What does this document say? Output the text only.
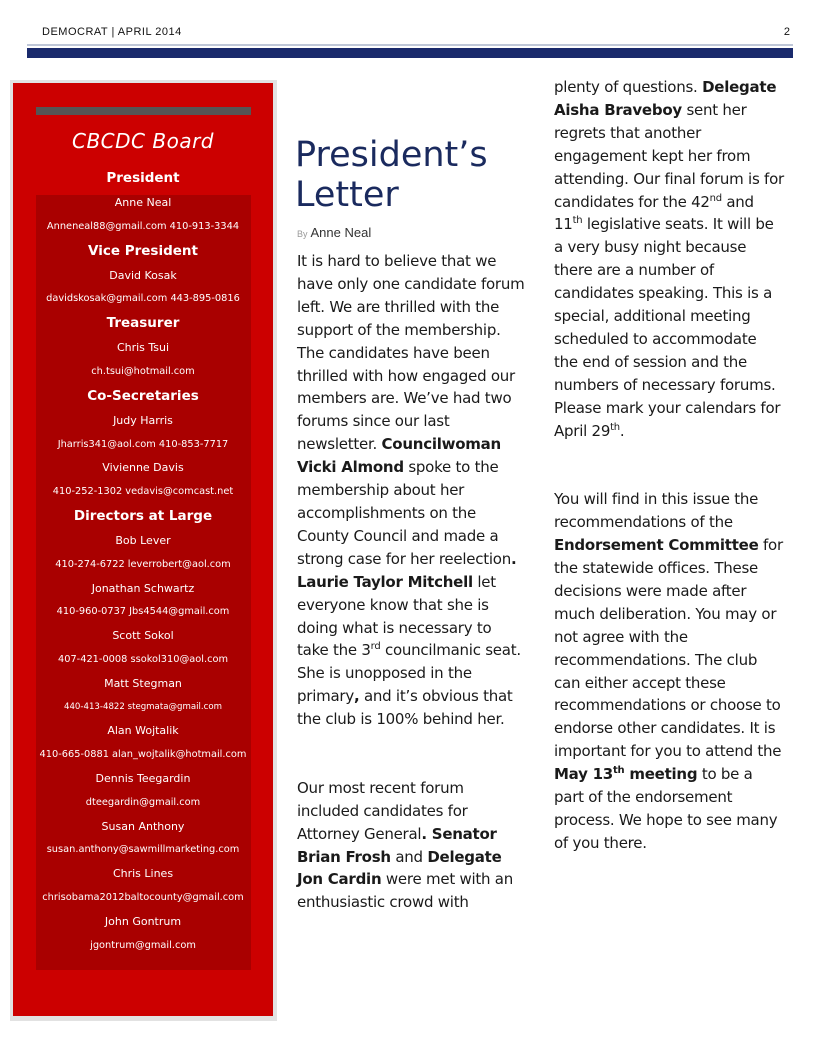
DEMOCRAT | APRIL 2014	2
CBCDC Board
President
Anne Neal
Anneneal88@gmail.com 410-913-3344
Vice President
David Kosak
davidskosak@gmail.com 443-895-0816
Treasurer
Chris Tsui
ch.tsui@hotmail.com
Co-Secretaries
Judy Harris
Jharris341@aol.com 410-853-7717
Vivienne Davis
410-252-1302 vedavis@comcast.net
Directors at Large
Bob Lever
410-274-6722 leverrobert@aol.com
Jonathan Schwartz
410-960-0737 Jbs4544@gmail.com
Scott Sokol
407-421-0008 ssokol310@aol.com
Matt Stegman
440-413-4822 stegmata@gmail.com
Alan Wojtalik
410-665-0881 alan_wojtalik@hotmail.com
Dennis Teegardin
dteegardin@gmail.com
Susan Anthony
susan.anthony@sawmillmarketing.com
Chris Lines
chrisobama2012baltocounty@gmail.com
John Gontrum
jgontrum@gmail.com
President’s
Letter
By Anne Neal

It is hard to believe that we have only one candidate forum left. We are thrilled with the support of the membership. The candidates have been thrilled with how engaged our members are. We’ve had two forums since our last newsletter. Councilwoman Vicki Almond spoke to the membership about her accomplishments on the County Council and made a strong case for her reelection. Laurie Taylor Mitchell let everyone know that she is doing what is necessary to take the 3rd councilmanic seat. She is unopposed in the primary, and it’s obvious that the club is 100% behind her.

Our most recent forum included candidates for Attorney General. Senator Brian Frosh and Delegate Jon Cardin were met with an enthusiastic crowd with

plenty of questions. Delegate Aisha Braveboy sent her regrets that another engagement kept her from attending. Our final forum is for candidates for the 42nd and 11th legislative seats. It will be a very busy night because there are a number of candidates speaking. This is a special, additional meeting scheduled to accommodate the end of session and the numbers of necessary forums. Please mark your calendars for April 29th.

You will find in this issue the recommendations of the Endorsement Committee for the statewide offices. These decisions were made after much deliberation. You may or not agree with the recommendations. The club can either accept these recommendations or choose to endorse other candidates. It is important for you to attend the May 13th meeting to be a part of the endorsement process. We hope to see many of you there.
